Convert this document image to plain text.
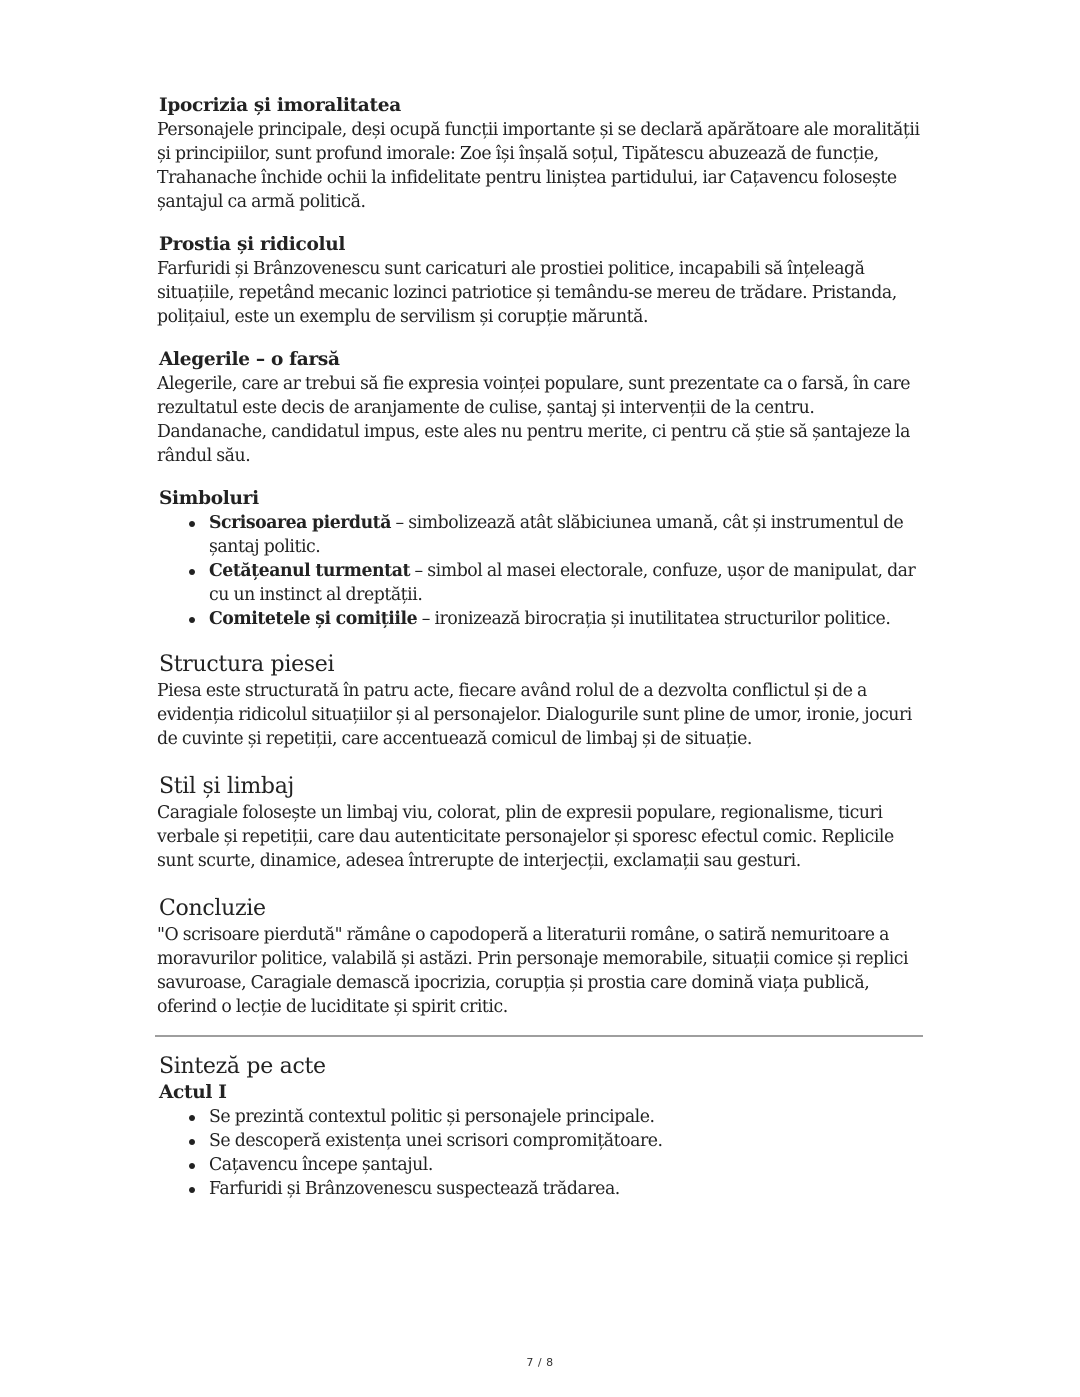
Ipocrizia și imoralitatea

Personajele principale, deși ocupă funcții importante și se declară apărătoare ale moralității și principiilor, sunt profund imorale: Zoe își înșală soțul, Tipătescu abuzează de funcție, Trahanache închide ochii la infidelitate pentru liniștea partidului, iar Cațavencu folosește șantajul ca armă politică.

Prostia și ridicolul

Farfuridi și Brânzovenescu sunt caricaturi ale prostiei politice, incapabili să înțeleagă situațiile, repetând mecanic lozinci patriotice și temându-se mereu de trădare. Pristanda, polițaiul, este un exemplu de servilism și corupție măruntă.

Alegerile – o farsă

Alegerile, care ar trebui să fie expresia voinței populare, sunt prezentate ca o farsă, în care rezultatul este decis de aranjamente de culise, șantaj și intervenții de la centru. Dandanache, candidatul impus, este ales nu pentru merite, ci pentru că știe să șantajeze la rândul său.

Simboluri
Scrisoarea pierdută – simbolizează atât slăbiciunea umană, cât și instrumentul de șantaj politic.
Cetățeanul turmentat – simbol al masei electorale, confuze, ușor de manipulat, dar cu un instinct al dreptății.
Comitetele și comițiile – ironizează birocrația și inutilitatea structurilor politice.
Structura piesei

Piesa este structurată în patru acte, fiecare având rolul de a dezvolta conflictul și de a evidenția ridicolul situațiilor și al personajelor. Dialogurile sunt pline de umor, ironie, jocuri de cuvinte și repetiții, care accentuează comicul de limbaj și de situație.

Stil și limbaj

Caragiale folosește un limbaj viu, colorat, plin de expresii populare, regionalisme, ticuri verbale și repetiții, care dau autenticitate personajelor și sporesc efectul comic. Replicile sunt scurte, dinamice, adesea întrerupte de interjecții, exclamații sau gesturi.

Concluzie

"O scrisoare pierdută" rămâne o capodoperă a literaturii române, o satiră nemuritoare a moravurilor politice, valabilă și astăzi. Prin personaje memorabile, situații comice și replici savuroase, Caragiale demască ipocrizia, corupția și prostia care domină viața publică, oferind o lecție de luciditate și spirit critic.

Sinteză pe acte
Actul I
Se prezintă contextul politic și personajele principale.
Se descoperă existența unei scrisori compromițătoare.
Cațavencu începe șantajul.
Farfuridi și Brânzovenescu suspectează trădarea.
7 / 8
